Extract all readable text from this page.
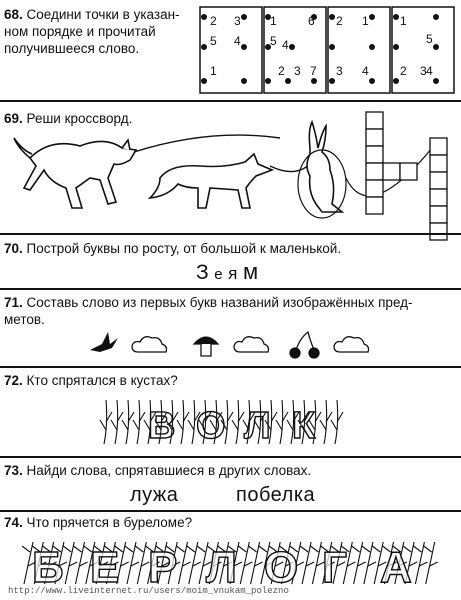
68. Соедини точки в указан-
ном порядке и прочитай
получившееся слово.
2 3
5 4
1
1	6
5 4
2 3 7
2 1
3 4
1
5
4
2 3
69. Реши кроссворд.
70. Построй буквы по росту, от большой к маленькой.
З е я м
71. Составь слово из первых букв названий изображённых пред-
метов.
72. Кто спрятался в кустах?
В О Л К
73. Найди слова, спрятавшиеся в других словах.
лужа	побелка
74. Что прячется в буреломе?
Б Е Р Л О Г А
http://www.liveinternet.ru/users/moim_vnukam_polezno
